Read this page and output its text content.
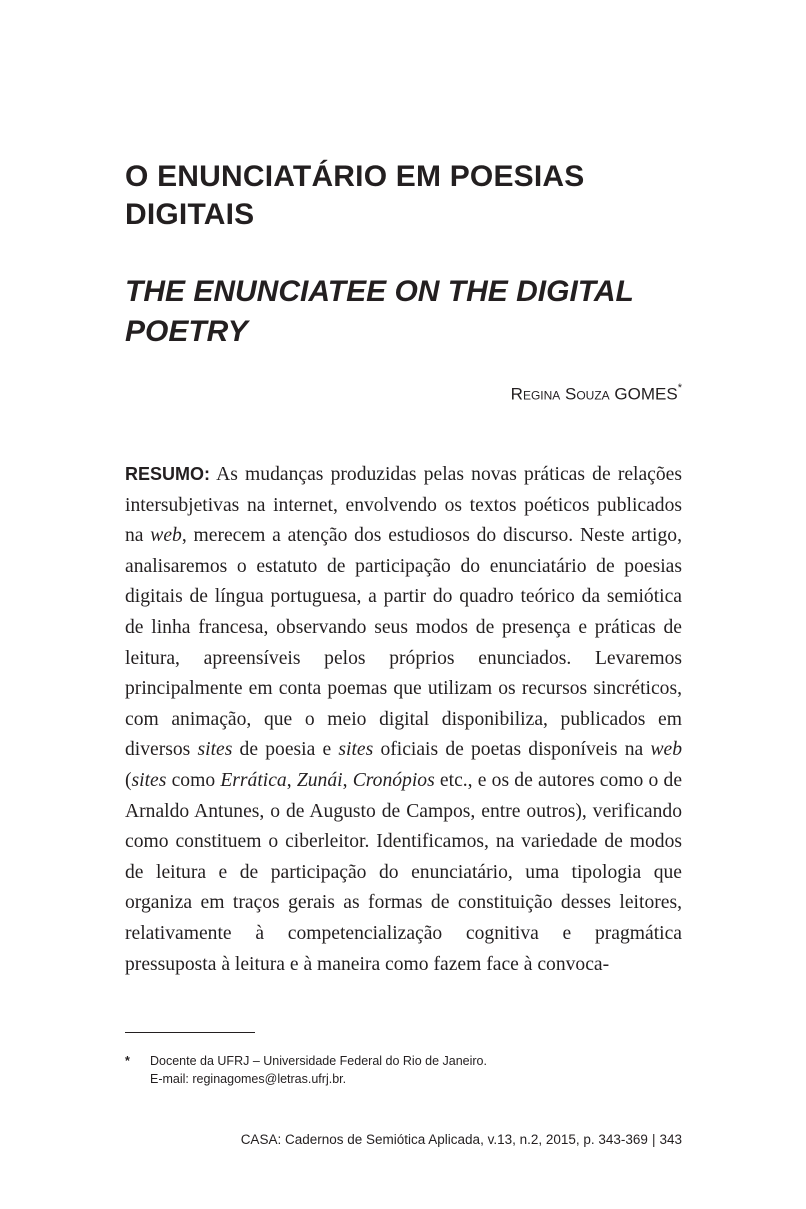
O ENUNCIATÁRIO EM POESIAS DIGITAIS
THE ENUNCIATEE ON THE DIGITAL POETRY
Regina Souza GOMES*
RESUMO: As mudanças produzidas pelas novas práticas de relações intersubjetivas na internet, envolvendo os textos poéticos publicados na web, merecem a atenção dos estudiosos do discurso. Neste artigo, analisaremos o estatuto de participação do enunciatário de poesias digitais de língua portuguesa, a partir do quadro teórico da semiótica de linha francesa, observando seus modos de presença e práticas de leitura, apreensíveis pelos próprios enunciados. Levaremos principalmente em conta poemas que utilizam os recursos sincréticos, com animação, que o meio digital disponibiliza, publicados em diversos sites de poesia e sites oficiais de poetas disponíveis na web (sites como Errática, Zunái, Cronópios etc., e os de autores como o de Arnaldo Antunes, o de Augusto de Campos, entre outros), verificando como constituem o ciberleitor. Identificamos, na variedade de modos de leitura e de participação do enunciatário, uma tipologia que organiza em traços gerais as formas de constituição desses leitores, relativamente à competencialização cognitiva e pragmática pressuposta à leitura e à maneira como fazem face à convoca-
* Docente da UFRJ – Universidade Federal do Rio de Janeiro.
E-mail: reginagomes@letras.ufrj.br.
CASA: Cadernos de Semiótica Aplicada, v.13, n.2, 2015, p. 343-369 | 343
